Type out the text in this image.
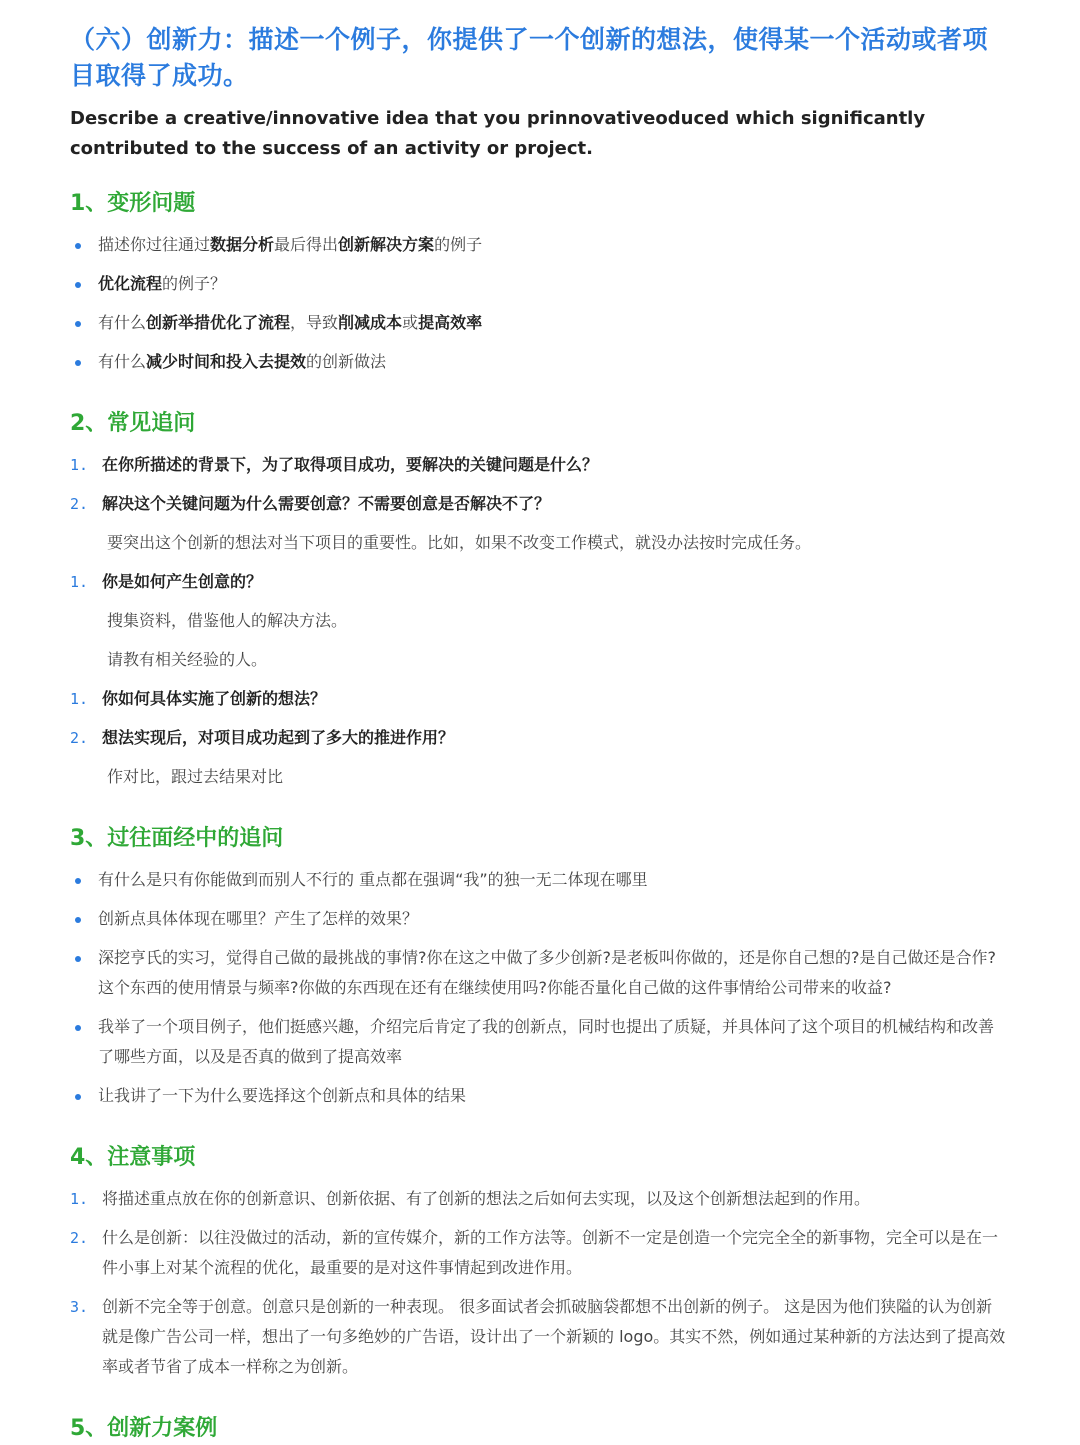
（六）创新力：描述一个例子，你提供了一个创新的想法，使得某一个活动或者项目取得了成功。
Describe a creative/innovative idea that you prinnovativeoduced which significantly contributed to the success of an activity or project.
1、变形问题
描述你过往通过数据分析最后得出创新解决方案的例子
优化流程的例子？
有什么创新举措优化了流程，导致削减成本或提高效率
有什么减少时间和投入去提效的创新做法
2、常见追问
1. 在你所描述的背景下，为了取得项目成功，要解决的关键问题是什么？
2. 解决这个关键问题为什么需要创意？不需要创意是否解决不了？
要突出这个创新的想法对当下项目的重要性。比如，如果不改变工作模式，就没办法按时完成任务。
1. 你是如何产生创意的？
搜集资料，借鉴他人的解决方法。
请教有相关经验的人。
1. 你如何具体实施了创新的想法？
2. 想法实现后，对项目成功起到了多大的推进作用？
作对比，跟过去结果对比
3、过往面经中的追问
有什么是只有你能做到而别人不行的 重点都在强调“我”的独一无二体现在哪里
创新点具体体现在哪里？产生了怎样的效果？
深挖亨氏的实习，觉得自己做的最挑战的事情?你在这之中做了多少创新?是老板叫你做的，还是你自己想的?是自己做还是合作?这个东西的使用情景与频率?你做的东西现在还有在继续使用吗?你能否量化自己做的这件事情给公司带来的收益?
我举了一个项目例子，他们挺感兴趣，介绍完后肯定了我的创新点，同时也提出了质疑，并具体问了这个项目的机械结构和改善了哪些方面，以及是否真的做到了提高效率
让我讲了一下为什么要选择这个创新点和具体的结果
4、注意事项
1. 将描述重点放在你的创新意识、创新依据、有了创新的想法之后如何去实现，以及这个创新想法起到的作用。
2. 什么是创新：以往没做过的活动，新的宣传媒介，新的工作方法等。创新不一定是创造一个完完全全的新事物，完全可以是在一件小事上对某个流程的优化，最重要的是对这件事情起到改进作用。
3. 创新不完全等于创意。创意只是创新的一种表现。 很多面试者会抓破脑袋都想不出创新的例子。 这是因为他们狭隘的认为创新就是像广告公司一样，想出了一句多绝妙的广告语，设计出了一个新颖的 logo。其实不然，例如通过某种新的方法达到了提高效率或者节省了成本一样称之为创新。
5、创新力案例
